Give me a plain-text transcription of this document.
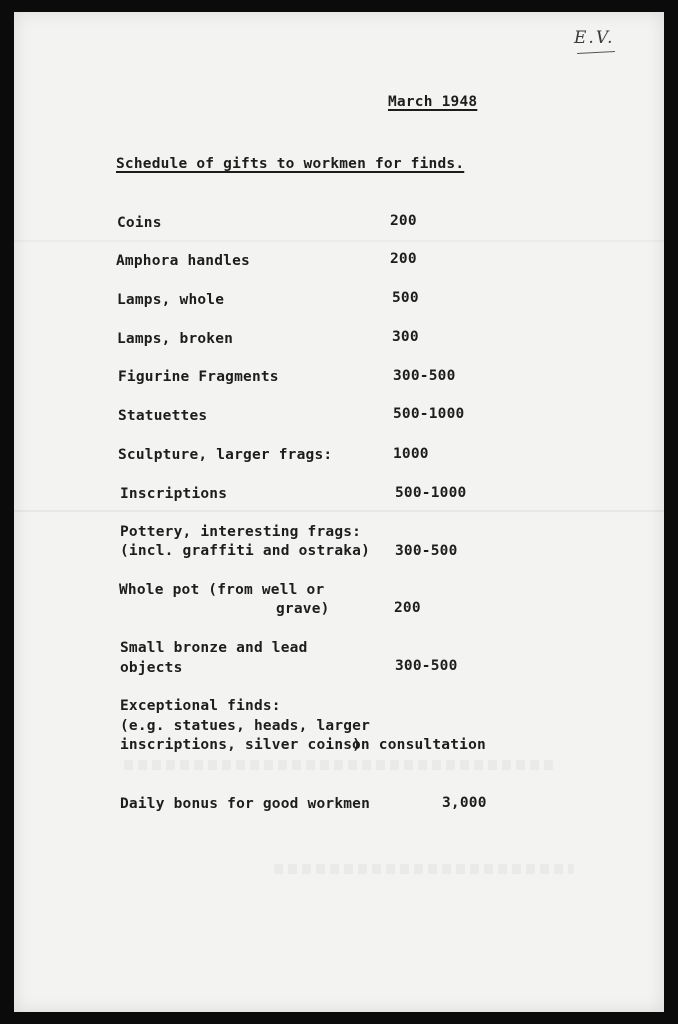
E.V.
March 1948
Schedule of gifts to workmen for finds.
Coins	200
Amphora handles	200
Lamps, whole	500
Lamps, broken	300
Figurine Fragments	300-500
Statuettes	500-1000
Sculpture, larger frags:	1000
Inscriptions	500-1000
Pottery, interesting frags:
(incl. graffiti and ostraka) 300-500
Whole pot (from well or
grave)	200
Small bronze and lead
objects	300-500
Exceptional finds:
(e.g. statues, heads, larger
inscriptions, silver coins)
on consultation
Daily bonus for good workmen	3,000
